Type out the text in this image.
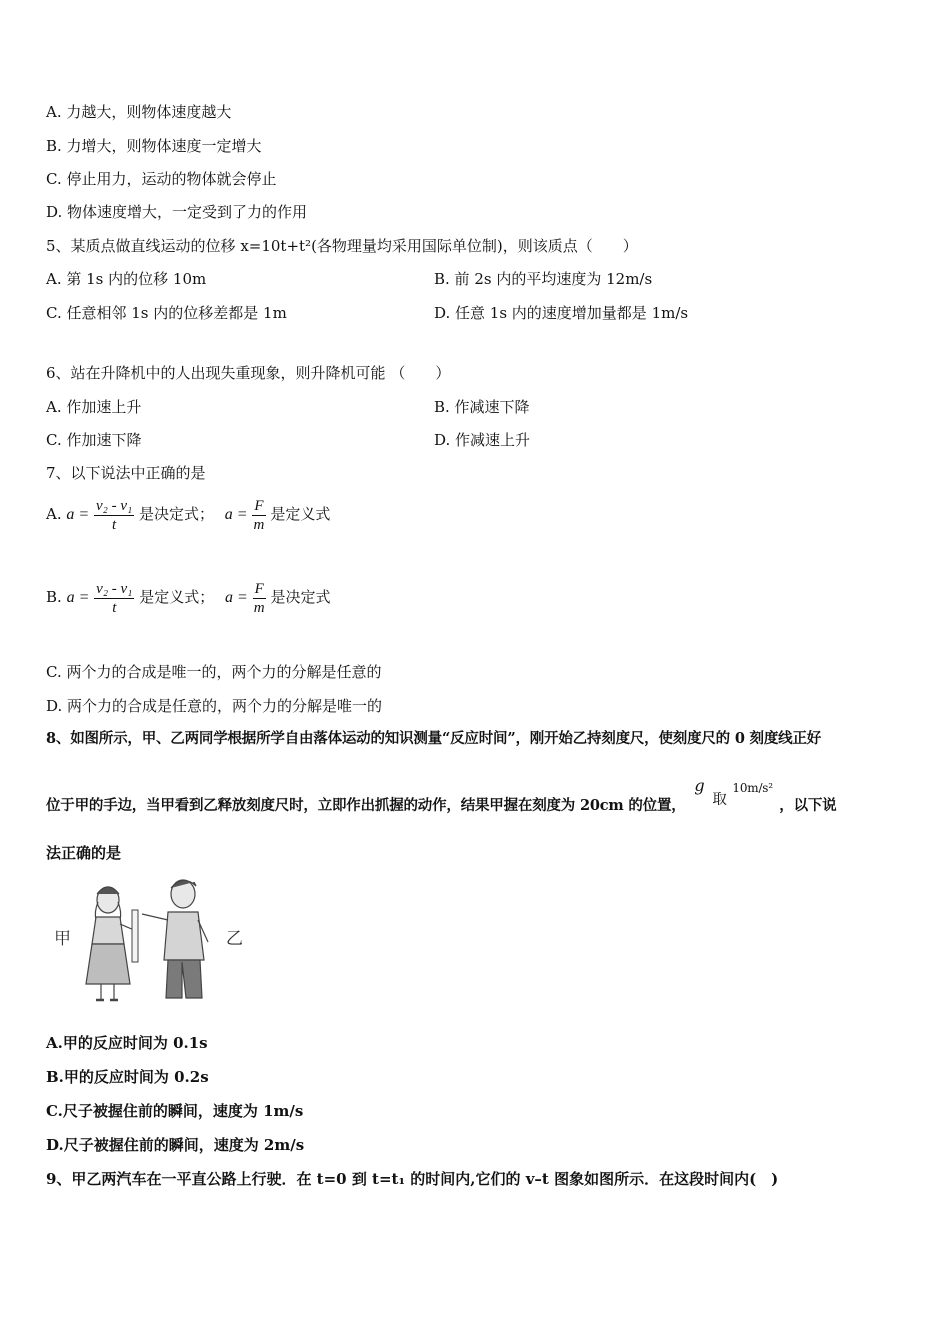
A. 力越大，则物体速度越大
B. 力增大，则物体速度一定增大
C. 停止用力，运动的物体就会停止
D. 物体速度增大，一定受到了力的作用
5、某质点做直线运动的位移 x=10t+t²(各物理量均采用国际单位制)，则该质点（　　）
A. 第 1s 内的位移 10m	B. 前 2s 内的平均速度为 12m/s
C. 任意相邻 1s 内的位移差都是 1m	D. 任意 1s 内的速度增加量都是 1m/s
6、站在升降机中的人出现失重现象，则升降机可能 （　　）
A. 作加速上升	B. 作减速下降
C. 作加速下降	D. 作减速上升
7、以下说法中正确的是
A. $a = \frac{\text{v₂ - v₁}}{t}$ 是决定式； $a = \frac{F}{m}$ 是定义式
B. $a = \frac{\text{v₂ - v₁}}{t}$ 是定义式； $a = \frac{F}{m}$ 是决定式
C. 两个力的合成是唯一的，两个力的分解是任意的
D. 两个力的合成是任意的，两个力的分解是唯一的
8、如图所示，甲、乙两同学根据所学自由落体运动的知识测量“反应时间”，刚开始乙持刻度尺，使刻度尺的 0 刻度线正好
位于甲的手边，当甲看到乙释放刻度尺时，立即作出抓握的动作，结果甲握在刻度为 20cm 的位置，
g
取
10m/s²
，以下说
法正确的是
甲	乙
A.甲的反应时间为 0.1s
B.甲的反应时间为 0.2s
C.尺子被握住前的瞬间，速度为 1m/s
D.尺子被握住前的瞬间，速度为 2m/s
9、甲乙两汽车在一平直公路上行驶．在 t=0 到 t=t₁ 的时间内,它们的 v–t 图象如图所示．在这段时间内(　)
